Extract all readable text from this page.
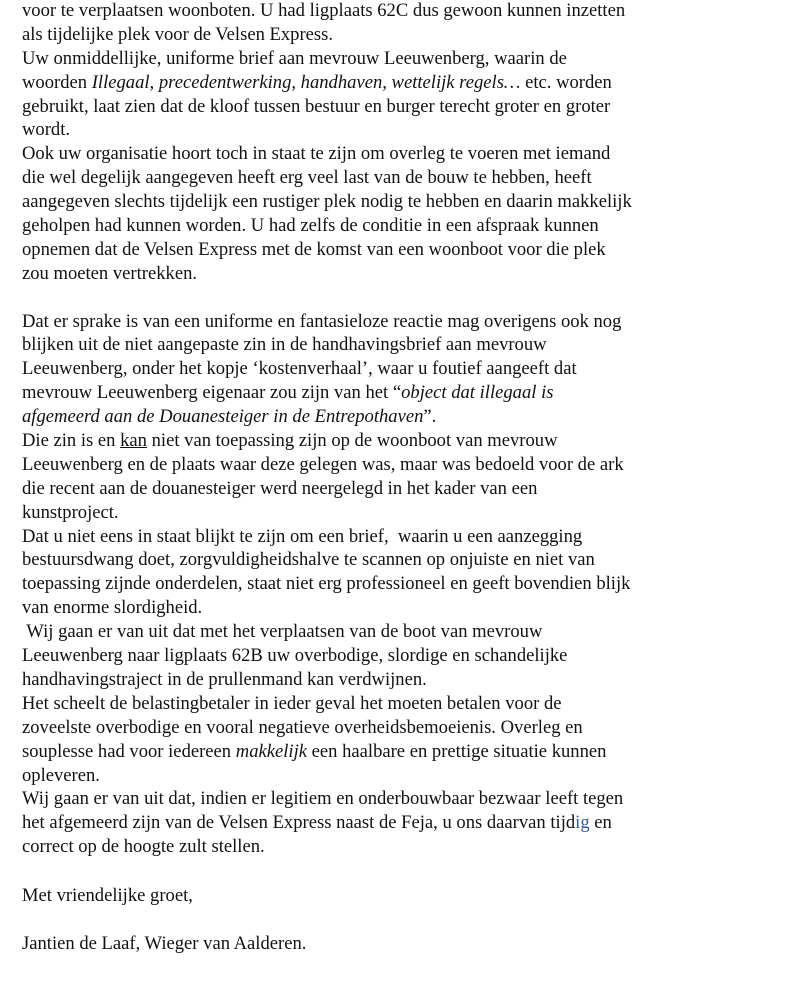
voor te verplaatsen woonboten. U had ligplaats 62C dus gewoon kunnen inzetten
als tijdelijke plek voor de Velsen Express.
Uw onmiddellijke, uniforme brief aan mevrouw Leeuwenberg, waarin de
woorden Illegaal, precedentwerking, handhaven, wettelijk regels… etc. worden
gebruikt, laat zien dat de kloof tussen bestuur en burger terecht groter en groter
wordt.
Ook uw organisatie hoort toch in staat te zijn om overleg te voeren met iemand
die wel degelijk aangegeven heeft erg veel last van de bouw te hebben, heeft
aangegeven slechts tijdelijk een rustiger plek nodig te hebben en daarin makkelijk
geholpen had kunnen worden. U had zelfs de conditie in een afspraak kunnen
opnemen dat de Velsen Express met de komst van een woonboot voor die plek
zou moeten vertrekken.
Dat er sprake is van een uniforme en fantasieloze reactie mag overigens ook nog
blijken uit de niet aangepaste zin in de handhavingsbrief aan mevrouw
Leeuwenberg, onder het kopje ‘kostenverhaal’, waar u foutief aangeeft dat
mevrouw Leeuwenberg eigenaar zou zijn van het “object dat illegaal is
afgemeerd aan de Douanesteiger in de Entrepothaven”.
Die zin is en kan niet van toepassing zijn op de woonboot van mevrouw
Leeuwenberg en de plaats waar deze gelegen was, maar was bedoeld voor de ark
die recent aan de douanesteiger werd neergelegd in het kader van een
kunstproject.
Dat u niet eens in staat blijkt te zijn om een brief,  waarin u een aanzegging
bestuursdwang doet, zorgvuldigheidshalve te scannen op onjuiste en niet van
toepassing zijnde onderdelen, staat niet erg professioneel en geeft bovendien blijk
van enorme slordigheid.
Wij gaan er van uit dat met het verplaatsen van de boot van mevrouw
Leeuwenberg naar ligplaats 62B uw overbodige, slordige en schandelijke
handhavingstraject in de prullenmand kan verdwijnen.
Het scheelt de belastingbetaler in ieder geval het moeten betalen voor de
zoveelste overbodige en vooral negatieve overheidsbemoeienis. Overleg en
souplesse had voor iedereen makkelijk een haalbare en prettige situatie kunnen
opleveren.
Wij gaan er van uit dat, indien er legitiem en onderbouwbaar bezwaar leeft tegen
het afgemeerd zijn van de Velsen Express naast de Feja, u ons daarvan tijdig en
correct op de hoogte zult stellen.
Met vriendelijke groet,
Jantien de Laaf, Wieger van Aalderen.
